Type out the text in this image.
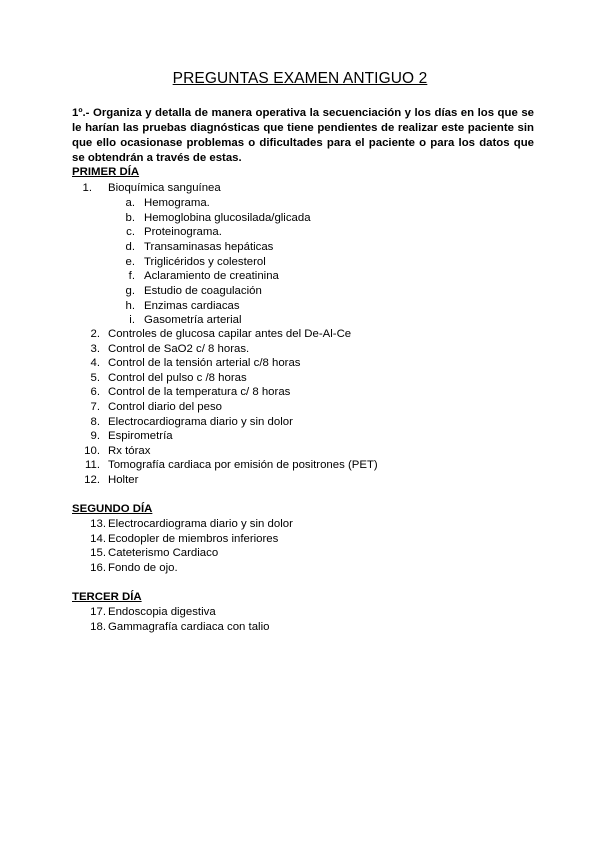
PREGUNTAS EXAMEN ANTIGUO 2
1º.- Organiza y detalla de manera operativa la secuenciación y los días en los que se le harían las pruebas diagnósticas que tiene pendientes de realizar este paciente sin que ello ocasionase problemas o dificultades para el paciente o para los datos que se obtendrán a través de estas.
PRIMER DÍA
1. Bioquímica sanguínea
a. Hemograma.
b. Hemoglobina glucosilada/glicada
c. Proteinograma.
d. Transaminasas hepáticas
e. Triglicéridos y colesterol
f. Aclaramiento de creatinina
g. Estudio de coagulación
h. Enzimas cardiacas
i. Gasometría arterial
2. Controles de glucosa capilar antes del De-Al-Ce
3. Control de SaO2 c/ 8 horas.
4. Control de la tensión arterial c/8 horas
5. Control del pulso c /8 horas
6. Control de la temperatura c/ 8 horas
7. Control diario del peso
8. Electrocardiograma diario y sin dolor
9. Espirometría
10. Rx tórax
11. Tomografía cardiaca por emisión de positrones (PET)
12. Holter
SEGUNDO DÍA
13. Electrocardiograma diario y sin dolor
14. Ecodopler de miembros inferiores
15. Cateterismo Cardiaco
16. Fondo de ojo.
TERCER DÍA
17. Endoscopia digestiva
18. Gammagrafía cardiaca con talio
